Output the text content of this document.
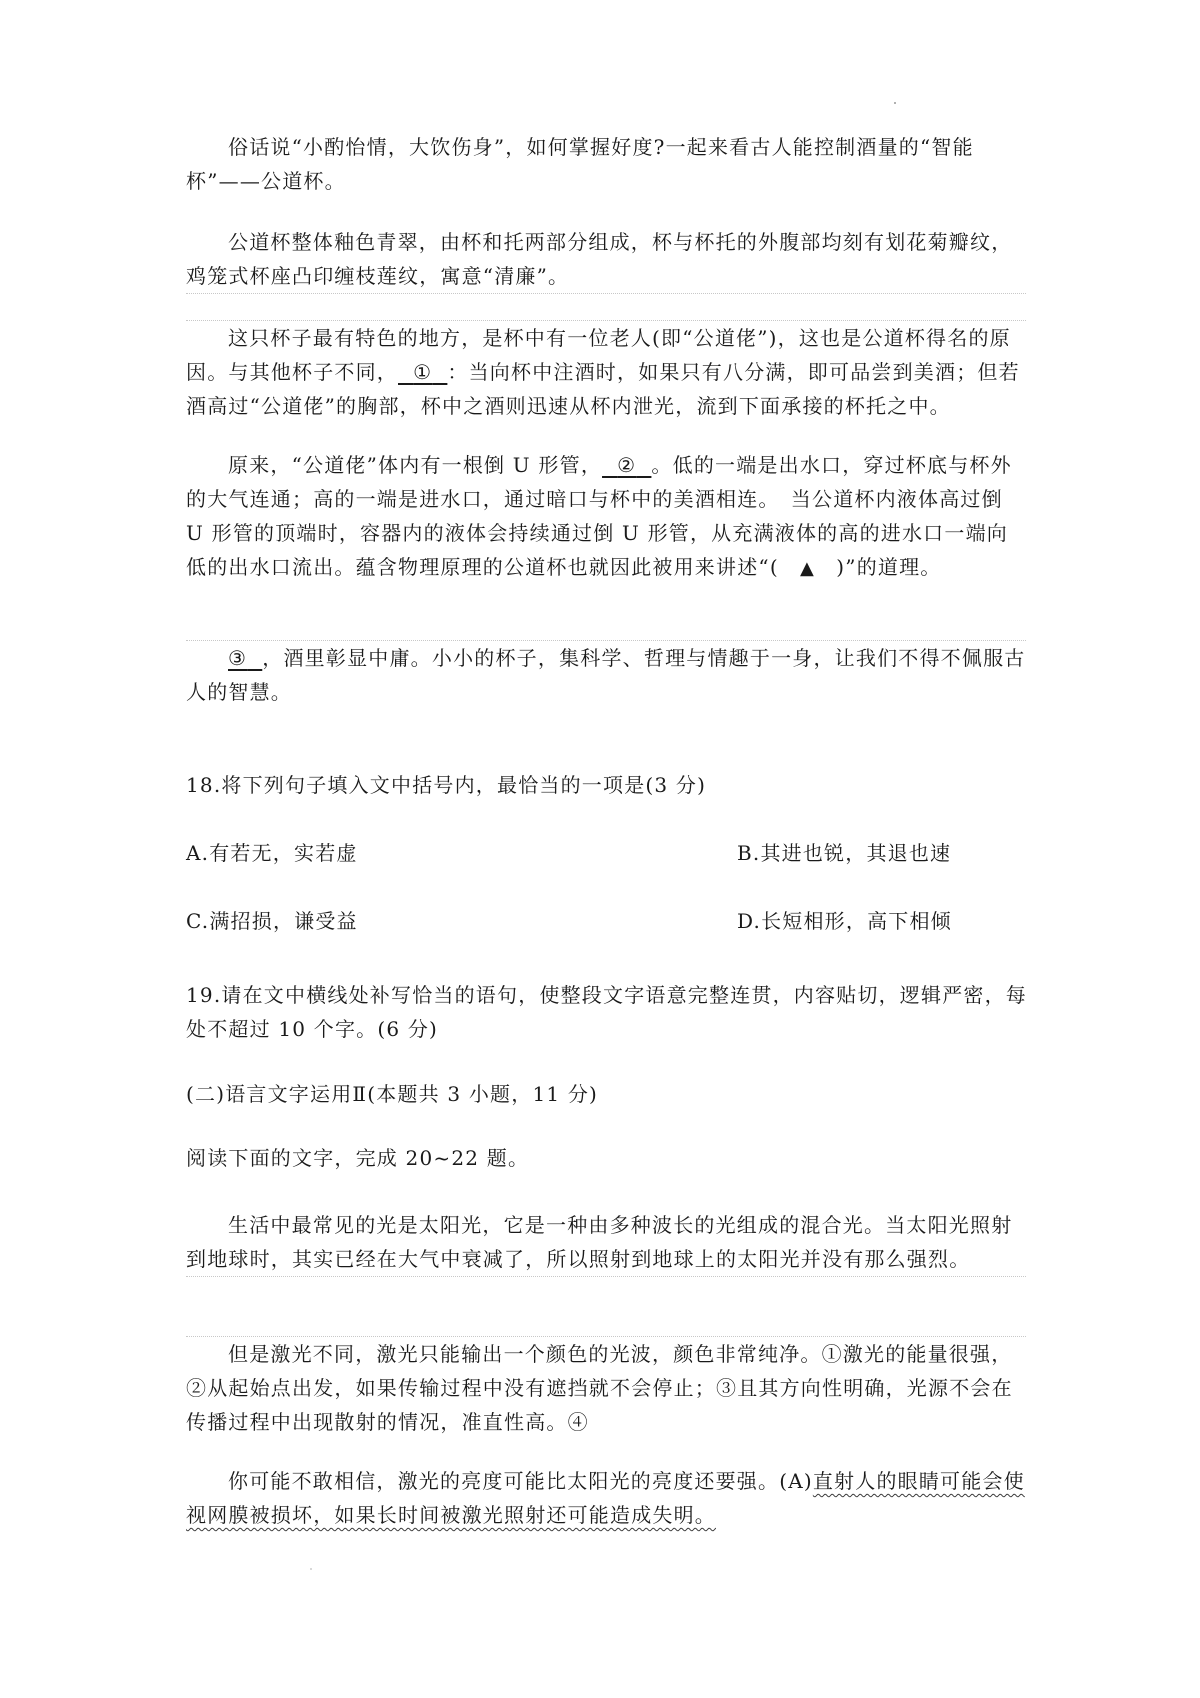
俗话说“小酌怡情，大饮伤身”，如何掌握好度?一起来看古人能控制酒量的“智能杯”——公道杯。

公道杯整体釉色青翠，由杯和托两部分组成，杯与杯托的外腹部均刻有划花菊瓣纹，鸡笼式杯座凸印缠枝莲纹，寓意“清廉”。

这只杯子最有特色的地方，是杯中有一位老人(即“公道佬”)，这也是公道杯得名的原因。与其他杯子不同， ① ：当向杯中注酒时，如果只有八分满，即可品尝到美酒；但若酒高过“公道佬”的胸部，杯中之酒则迅速从杯内泄光，流到下面承接的杯托之中。

原来，“公道佬”体内有一根倒 U 形管， ② 。低的一端是出水口，穿过杯底与杯外的大气连通；高的一端是进水口，通过暗口与杯中的美酒相连。　当公道杯内液体高过倒 U 形管的顶端时，容器内的液体会持续通过倒 U 形管，从充满液体的高的进水口一端向低的出水口流出。蕴含物理原理的公道杯也就因此被用来讲述“(　▲　)”的道理。

③ ，酒里彰显中庸。小小的杯子，集科学、哲理与情趣于一身，让我们不得不佩服古人的智慧。

18.将下列句子填入文中括号内，最恰当的一项是(3 分)

A.有若无，实若虚	B.其进也锐，其退也速

C.满招损，谦受益	D.长短相形，高下相倾

19.请在文中横线处补写恰当的语句，使整段文字语意完整连贯，内容贴切，逻辑严密，每

处不超过 10 个字。(6 分)

(二)语言文字运用Ⅱ(本题共 3 小题，11 分)

阅读下面的文字，完成 20~22 题。

生活中最常见的光是太阳光，它是一种由多种波长的光组成的混合光。当太阳光照射到地球时，其实已经在大气中衰减了，所以照射到地球上的太阳光并没有那么强烈。

但是激光不同，激光只能输出一个颜色的光波，颜色非常纯净。①激光的能量很强，②从起始点出发，如果传输过程中没有遮挡就不会停止；③且其方向性明确，光源不会在传播过程中出现散射的情况，准直性高。④

你可能不敢相信，激光的亮度可能比太阳光的亮度还要强。(A)直射人的眼睛可能会使视网膜被损坏，如果长时间被激光照射还可能造成失明。
